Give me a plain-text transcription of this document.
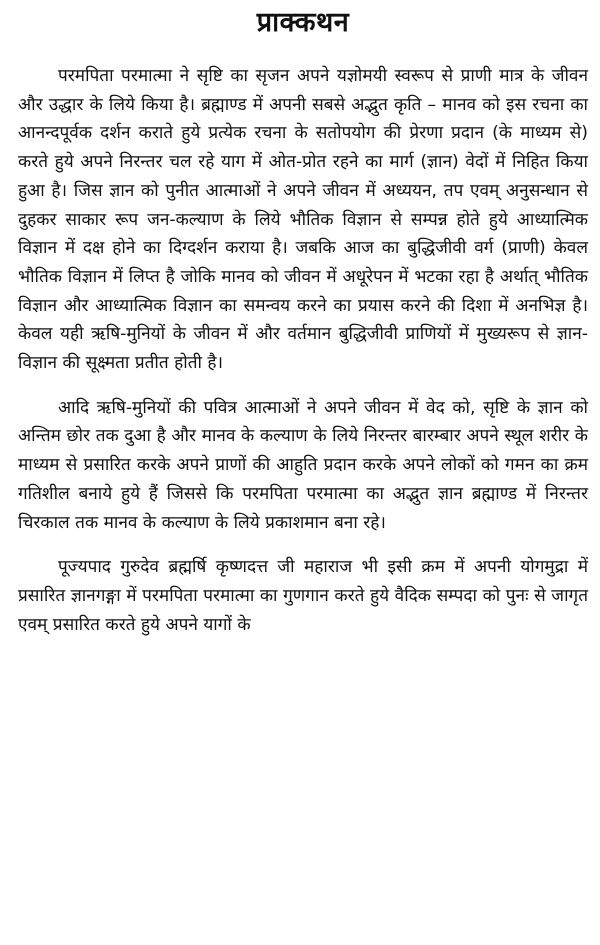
प्राक्कथन

परमपिता परमात्मा ने सृष्टि का सृजन अपने यज्ञोमयी स्वरूप से प्राणी मात्र के जीवन और उद्धार के लिये किया है। ब्रह्माण्ड में अपनी सबसे अद्भुत कृति – मानव को इस रचना का आनन्दपूर्वक दर्शन कराते हुये प्रत्येक रचना के सतोपयोग की प्रेरणा प्रदान (के माध्यम से) करते हुये अपने निरन्तर चल रहे याग में ओत-प्रोत रहने का मार्ग (ज्ञान) वेदों में निहित किया हुआ है। जिस ज्ञान को पुनीत आत्माओं ने अपने जीवन में अध्ययन, तप एवम् अनुसन्धान से दुहकर साकार रूप जन-कल्याण के लिये भौतिक विज्ञान से सम्पन्न होते हुये आध्यात्मिक विज्ञान में दक्ष होने का दिग्दर्शन कराया है। जबकि आज का बुद्धिजीवी वर्ग (प्राणी) केवल भौतिक विज्ञान में लिप्त है जोकि मानव को जीवन में अधूरेपन में भटका रहा है अर्थात् भौतिक विज्ञान और आध्यात्मिक विज्ञान का समन्वय करने का प्रयास करने की दिशा में अनभिज्ञ है। केवल यही ऋषि-मुनियों के जीवन में और वर्तमान बुद्धिजीवी प्राणियों में मुख्यरूप से ज्ञान-विज्ञान की सूक्ष्मता प्रतीत होती है।

आदि ऋषि-मुनियों की पवित्र आत्माओं ने अपने जीवन में वेद को, सृष्टि के ज्ञान को अन्तिम छोर तक दुआ है और मानव के कल्याण के लिये निरन्तर बारम्बार अपने स्थूल शरीर के माध्यम से प्रसारित करके अपने प्राणों की आहुति प्रदान करके अपने लोकों को गमन का क्रम गतिशील बनाये हुये हैं जिससे कि परमपिता परमात्मा का अद्भुत ज्ञान ब्रह्माण्ड में निरन्तर चिरकाल तक मानव के कल्याण के लिये प्रकाशमान बना रहे।

पूज्यपाद गुरुदेव ब्रह्मर्षि कृष्णदत्त जी महाराज भी इसी क्रम में अपनी योगमुद्रा में प्रसारित ज्ञानगङ्गा में परमपिता परमात्मा का गुणगान करते हुये वैदिक सम्पदा को पुनः से जागृत एवम् प्रसारित करते हुये अपने यागों के
